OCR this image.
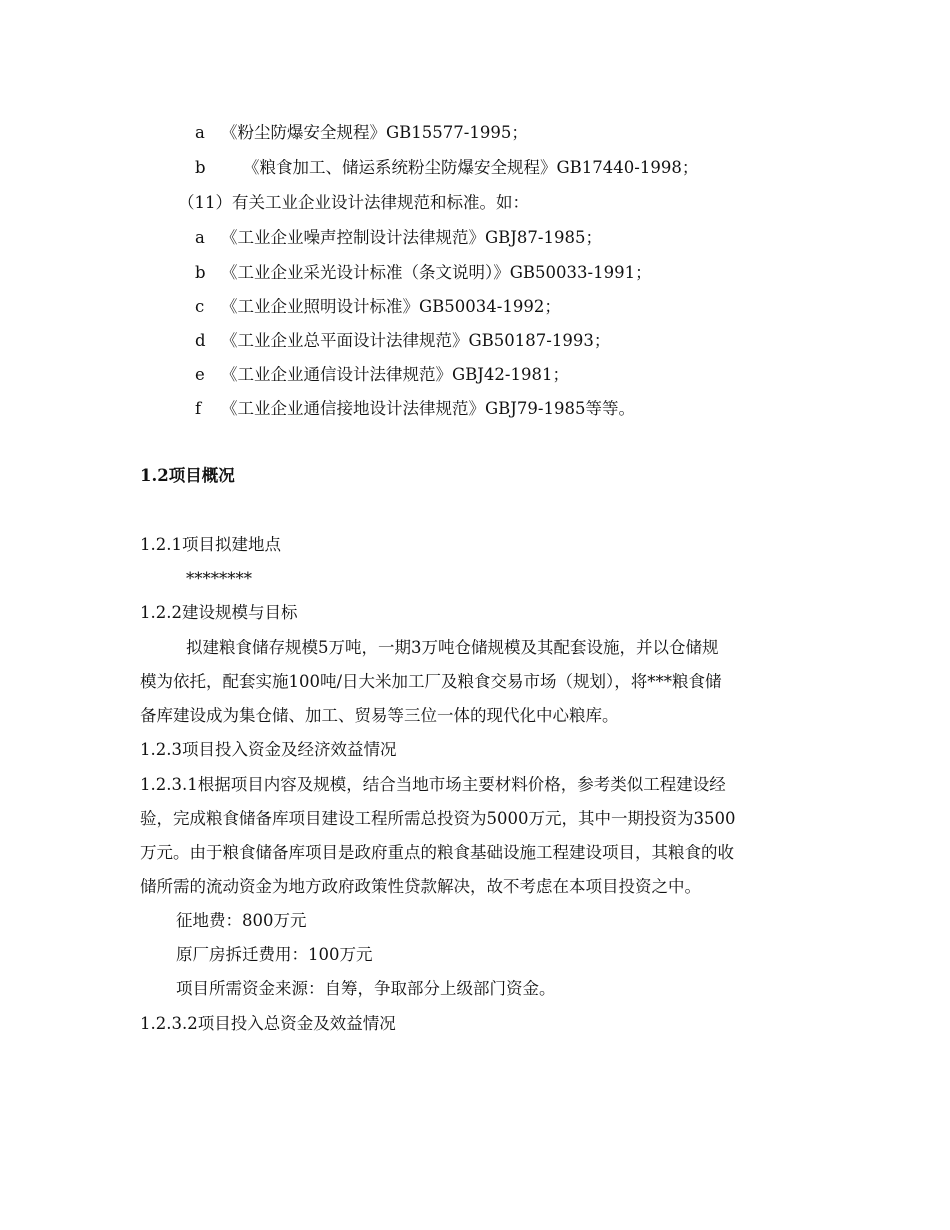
a 《粉尘防爆安全规程》GB15577-1995；

b 《粮食加工、储运系统粉尘防爆安全规程》GB17440-1998；

（11）有关工业企业设计法律规范和标准。如：

a 《工业企业噪声控制设计法律规范》GBJ87-1985；

b 《工业企业采光设计标准（条文说明）》GB50033-1991；

c 《工业企业照明设计标准》GB50034-1992；

d 《工业企业总平面设计法律规范》GB50187-1993；

e 《工业企业通信设计法律规范》GBJ42-1981；

f 《工业企业通信接地设计法律规范》GBJ79-1985等等。

1.2项目概况

1.2.1项目拟建地点

********

1.2.2建设规模与目标

拟建粮食储存规模5万吨，一期3万吨仓储规模及其配套设施，并以仓储规

模为依托，配套实施100吨/日大米加工厂及粮食交易市场（规划），将***粮食储

备库建设成为集仓储、加工、贸易等三位一体的现代化中心粮库。

1.2.3项目投入资金及经济效益情况

1.2.3.1根据项目内容及规模，结合当地市场主要材料价格，参考类似工程建设经

验，完成粮食储备库项目建设工程所需总投资为5000万元，其中一期投资为3500

万元。由于粮食储备库项目是政府重点的粮食基础设施工程建设项目，其粮食的收

储所需的流动资金为地方政府政策性贷款解决，故不考虑在本项目投资之中。

征地费：800万元

原厂房拆迁费用：100万元

项目所需资金来源：自筹，争取部分上级部门资金。

1.2.3.2项目投入总资金及效益情况
